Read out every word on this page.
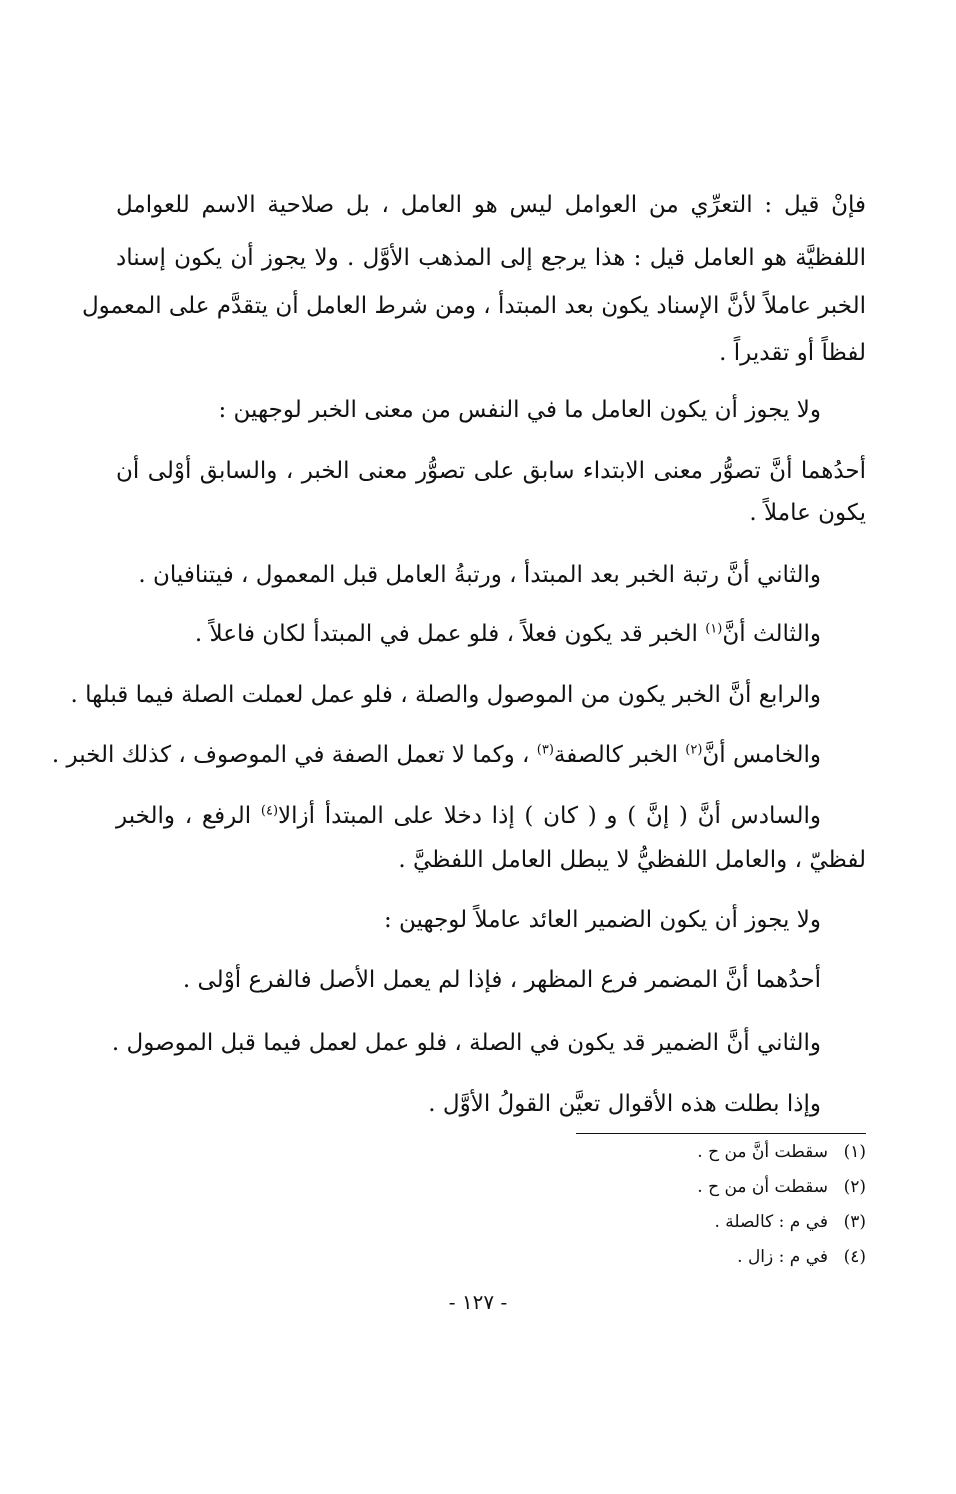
فإنْ قيل : التعرِّي من العوامل ليس هو العامل ، بل صلاحية الاسم للعوامل
اللفظيَّة هو العامل قيل : هذا يرجع إلى المذهب الأوَّل . ولا يجوز أن يكون إسناد
الخبر عاملاً لأنَّ الإسناد يكون بعد المبتدأ ، ومن شرط العامل أن يتقدَّم على المعمول
لفظاً أو تقديراً .
ولا يجوز أن يكون العامل ما في النفس من معنى الخبر لوجهين :
أحدُهما أنَّ تصوُّر معنى الابتداء سابق على تصوُّر معنى الخبر ، والسابق أوْلى أن
يكون عاملاً .
والثاني أنَّ رتبة الخبر بعد المبتدأ ، ورتبةُ العامل قبل المعمول ، فيتنافيان .
والثالث أنَّ$^{(١)}$ الخبر قد يكون فعلاً ، فلو عمل في المبتدأ لكان فاعلاً .
والرابع أنَّ الخبر يكون من الموصول والصلة ، فلو عمل لعملت الصلة فيما قبلها .
والخامس أنَّ$^{(٢)}$ الخبر كالصفة$^{(٣)}$ ، وكما لا تعمل الصفة في الموصوف ، كذلك الخبر .
والسادس أنَّ ( إنَّ ) و ( كان ) إذا دخلا على المبتدأ أزالا$^{(٤)}$ الرفع ، والخبر
لفظيّ ، والعامل اللفظيُّ لا يبطل العامل اللفظيَّ .
ولا يجوز أن يكون الضمير العائد عاملاً لوجهين :
أحدُهما أنَّ المضمر فرع المظهر ، فإذا لم يعمل الأصل فالفرع أوْلى .
والثاني أنَّ الضمير قد يكون في الصلة ، فلو عمل لعمل فيما قبل الموصول .
وإذا بطلت هذه الأقوال تعيَّن القولُ الأوَّل .
(١)سقطت أنَّ من ح .
(٢)سقطت أن من ح .
(٣)في م : كالصلة .
(٤)في م : زال .
- ١٢٧ -
